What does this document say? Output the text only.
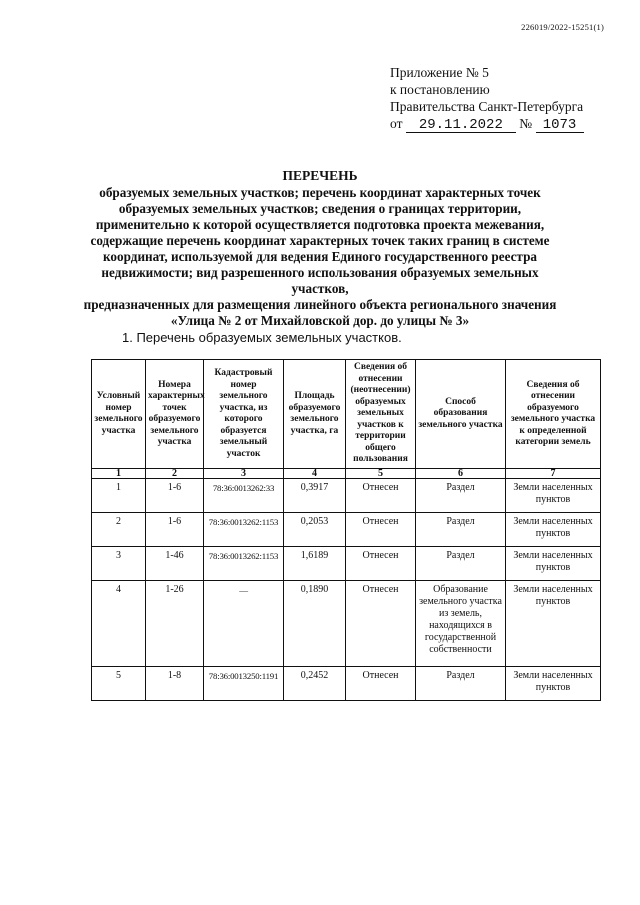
226019/2022-15251(1)
Приложение № 5
к постановлению
Правительства Санкт-Петербурга
от 29.11.2022 № 1073
ПЕРЕЧЕНЬ
образуемых земельных участков; перечень координат характерных точек
образуемых земельных участков; сведения о границах территории,
применительно к которой осуществляется подготовка проекта межевания,
содержащие перечень координат характерных точек таких границ в системе
координат, используемой для ведения Единого государственного реестра
недвижимости; вид разрешенного использования образуемых земельных участков,
предназначенных для размещения линейного объекта регионального значения
«Улица № 2 от Михайловской дор. до улицы № 3»
1. Перечень образуемых земельных участков.
Условный номер земельного участка	Номера характерных точек образуемого земельного участка	Кадастровый номер земельного участка, из которого образуется земельный участок	Площадь образуемого земельного участка, га	Сведения об отнесении (неотнесении) образуемых земельных участков к территории общего пользования	Способ образования земельного участка	Сведения об отнесении образуемого земельного участка к определенной категории земель
1	2	3	4	5	6	7
1	1-6	78:36:0013262:33	0,3917	Отнесен	Раздел	Земли населенных пунктов
2	1-6	78:36:0013262:1153	0,2053	Отнесен	Раздел	Земли населенных пунктов
3	1-46	78:36:0013262:1153	1,6189	Отнесен	Раздел	Земли населенных пунктов
4	1-26	—	0,1890	Отнесен	Образование земельного участка из земель, находящихся в государственной собственности	Земли населенных пунктов
5	1-8	78:36:0013250:1191	0,2452	Отнесен	Раздел	Земли населенных пунктов
